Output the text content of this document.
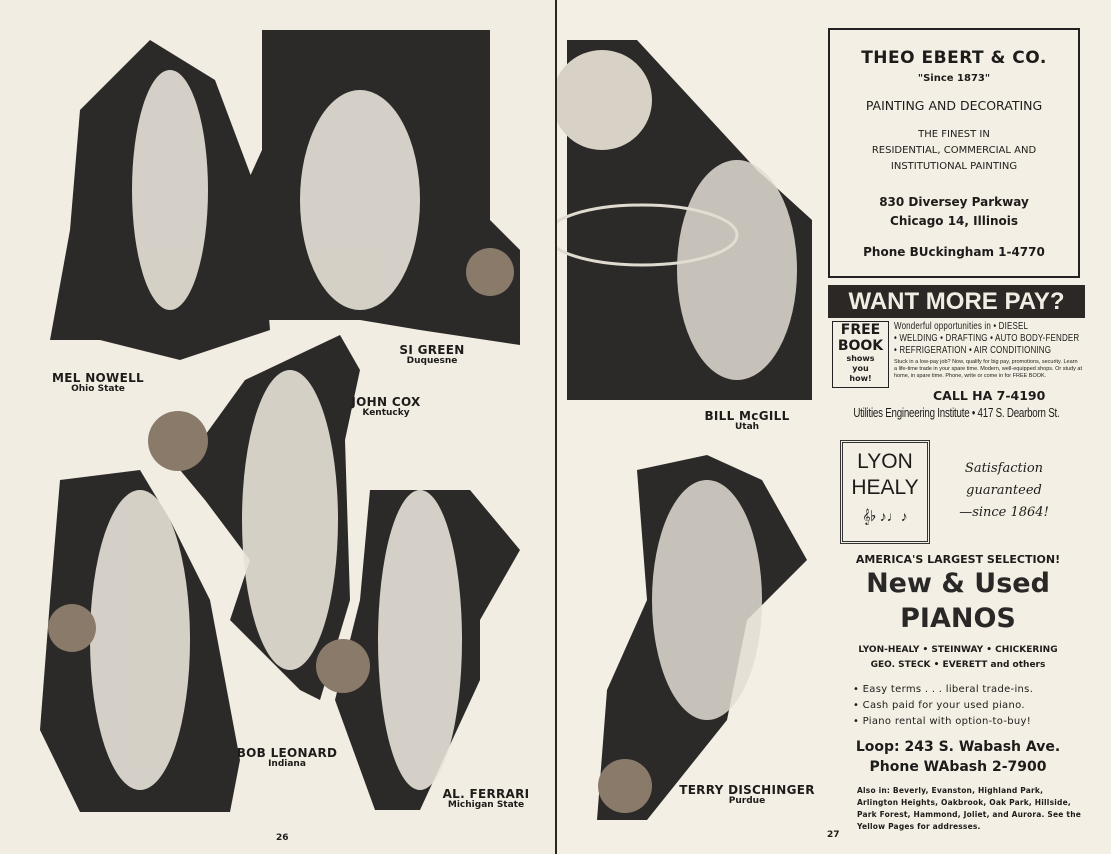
MEL NOWELL
Ohio State
SI GREEN
Duquesne
JOHN COX
Kentucky
BOB LEONARD
Indiana
AL. FERRARI
Michigan State
26
BILL McGILL
Utah
TERRY DISCHINGER
Purdue
27
THEO EBERT & CO.
"Since 1873"
PAINTING AND DECORATING
THE FINEST IN
RESIDENTIAL, COMMERCIAL AND
INSTITUTIONAL PAINTING
830 Diversey Parkway
Chicago 14, Illinois
Phone BUckingham 1-4770
WANT MORE PAY?
FREE
BOOK
shows
you
how!
Wonderful opportunities in • DIESEL
• WELDING • DRAFTING • AUTO BODY-FENDER
• REFRIGERATION • AIR CONDITIONING
Stuck in a low-pay job? Now, qualify for big pay, promotions, security. Learn a life-time trade in your spare time. Modern, well-equipped shops. Or study at home, in spare time. Phone, write or come in for FREE BOOK.
CALL HA 7-4190
Utilities Engineering Institute • 417 S. Dearborn St.
LYON
HEALY
𝄞♭ ♪♩♪
Satisfaction
guaranteed
—since 1864!
AMERICA'S LARGEST SELECTION!
New & Used
PIANOS
LYON-HEALY • STEINWAY • CHICKERING
GEO. STECK • EVERETT and others
• Easy terms . . . liberal trade-ins.
• Cash paid for your used piano.
• Piano rental with option-to-buy!
Loop: 243 S. Wabash Ave.
Phone WAbash 2-7900
Also in: Beverly, Evanston, Highland Park, Arlington Heights, Oakbrook, Oak Park, Hillside, Park Forest, Hammond, Joliet, and Aurora. See the Yellow Pages for addresses.
